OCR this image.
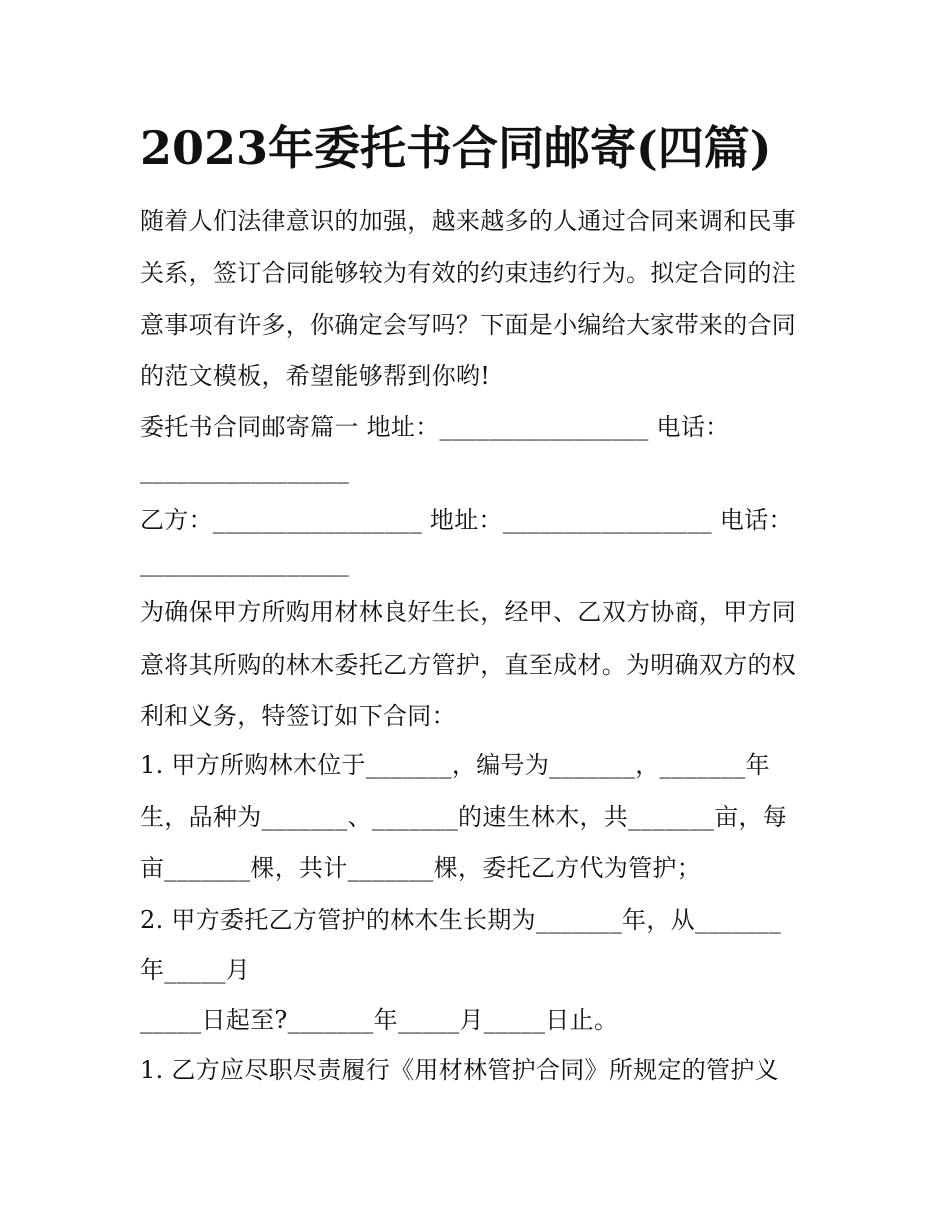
2023年委托书合同邮寄(四篇)

随着人们法律意识的加强，越来越多的人通过合同来调和民事

关系，签订合同能够较为有效的约束违约行为。拟定合同的注

意事项有许多，你确定会写吗？下面是小编给大家带来的合同

的范文模板，希望能够帮到你哟!

委托书合同邮寄篇一 地址：_________________ 电话：

_________________

乙方：_________________ 地址：_________________ 电话：

_________________

为确保甲方所购用材林良好生长，经甲、乙双方协商，甲方同

意将其所购的林木委托乙方管护，直至成材。为明确双方的权

利和义务，特签订如下合同：

1. 甲方所购林木位于_______，编号为_______，_______年

生，品种为_______、_______的速生林木，共_______亩，每

亩_______棵，共计_______棵，委托乙方代为管护；

2. 甲方委托乙方管护的林木生长期为_______年，从_______

年_____月

_____日起至?_______年_____月_____日止。

1. 乙方应尽职尽责履行《用材林管护合同》所规定的管护义
